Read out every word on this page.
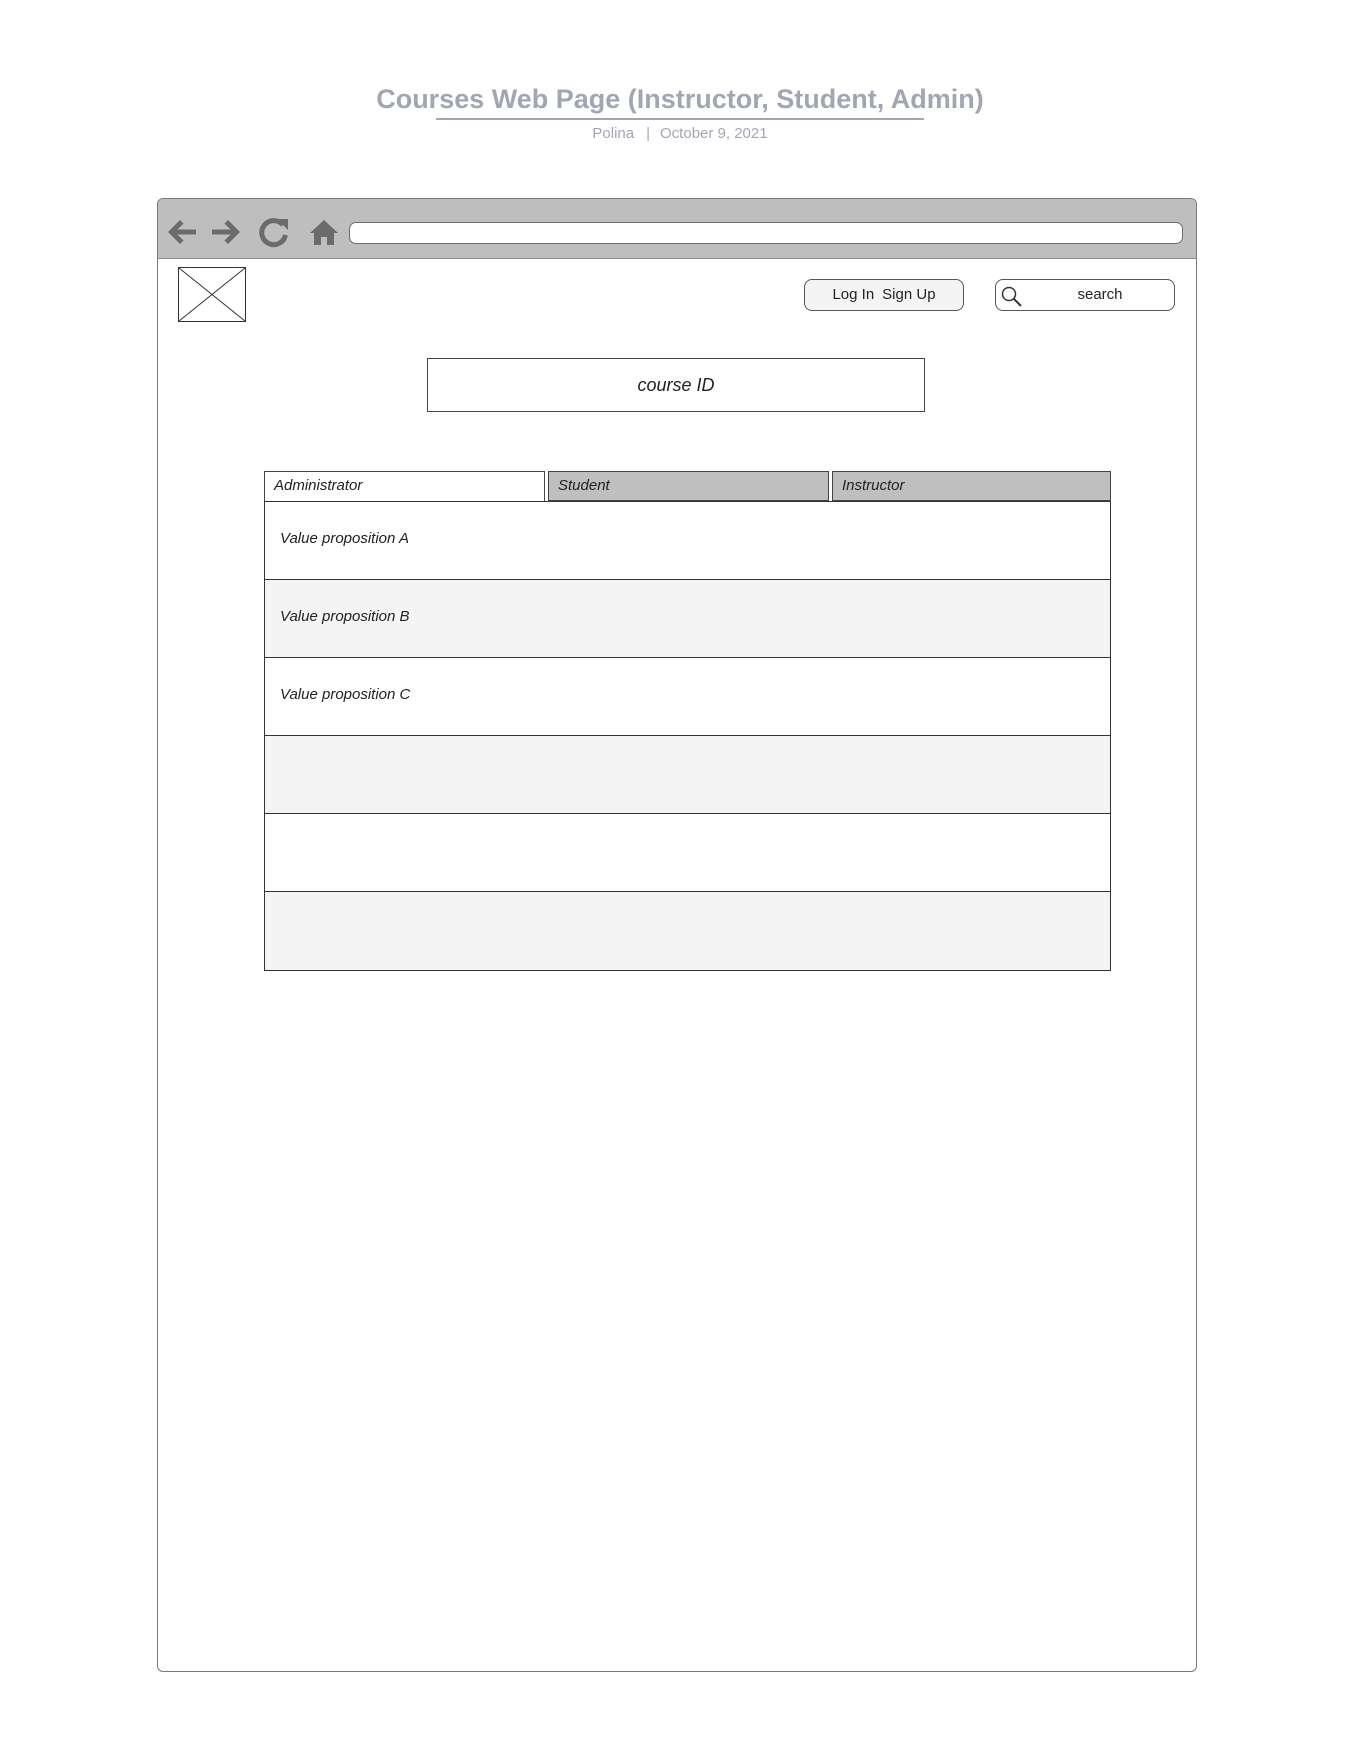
Courses Web Page (Instructor, Student, Admin)
Polina | October 9, 2021
Log In Sign Up	search
course ID
Administrator	Student	Instructor
Value proposition A
Value proposition B
Value proposition C
